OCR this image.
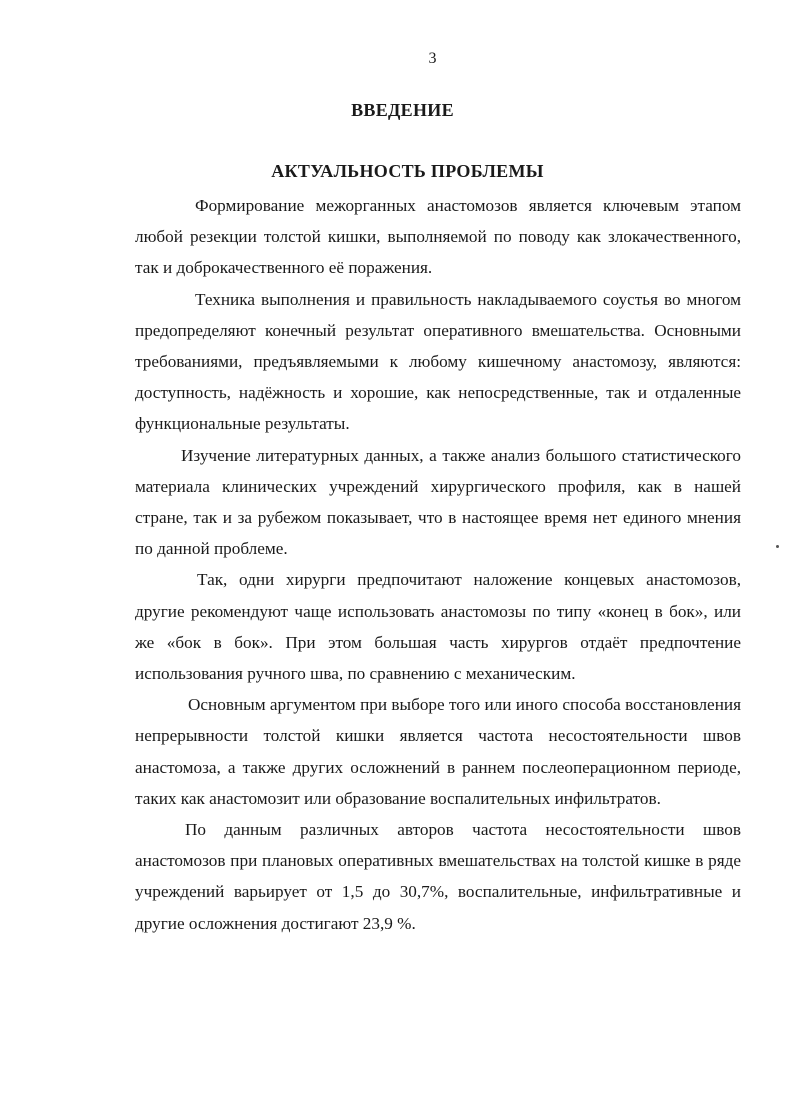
3
ВВЕДЕНИЕ
АКТУАЛЬНОСТЬ ПРОБЛЕМЫ

Формирование межорганных анастомозов является ключевым этапом любой резекции толстой кишки, выполняемой по поводу как злокачественного, так и доброкачественного её поражения.

Техника выполнения и правильность накладываемого соустья во многом предопределяют конечный результат оперативного вмешательства. Основными требованиями, предъявляемыми к любому кишечному анастомозу, являются: доступность, надёжность и хорошие, как непосредственные, так и отдаленные функциональные результаты.

Изучение литературных данных, а также анализ большого статистического материала клинических учреждений хирургического профиля, как в нашей стране, так и за рубежом показывает, что в настоящее время нет единого мнения по данной проблеме.

Так, одни хирурги предпочитают наложение концевых анастомозов, другие рекомендуют чаще использовать анастомозы по типу «конец в бок», или же «бок в бок». При этом большая часть хирургов отдаёт предпочтение использования ручного шва, по сравнению с механическим.

Основным аргументом при выборе того или иного способа восстановления непрерывности толстой кишки является частота несостоятельности швов анастомоза, а также других осложнений в раннем послеоперационном периоде, таких как анастомозит или образование воспалительных инфильтратов.

По данным различных авторов частота несостоятельности швов анастомозов при плановых оперативных вмешательствах на толстой кишке в ряде учреждений варьирует от 1,5 до 30,7%, воспалительные, инфильтративные и другие осложнения достигают 23,9 %.
